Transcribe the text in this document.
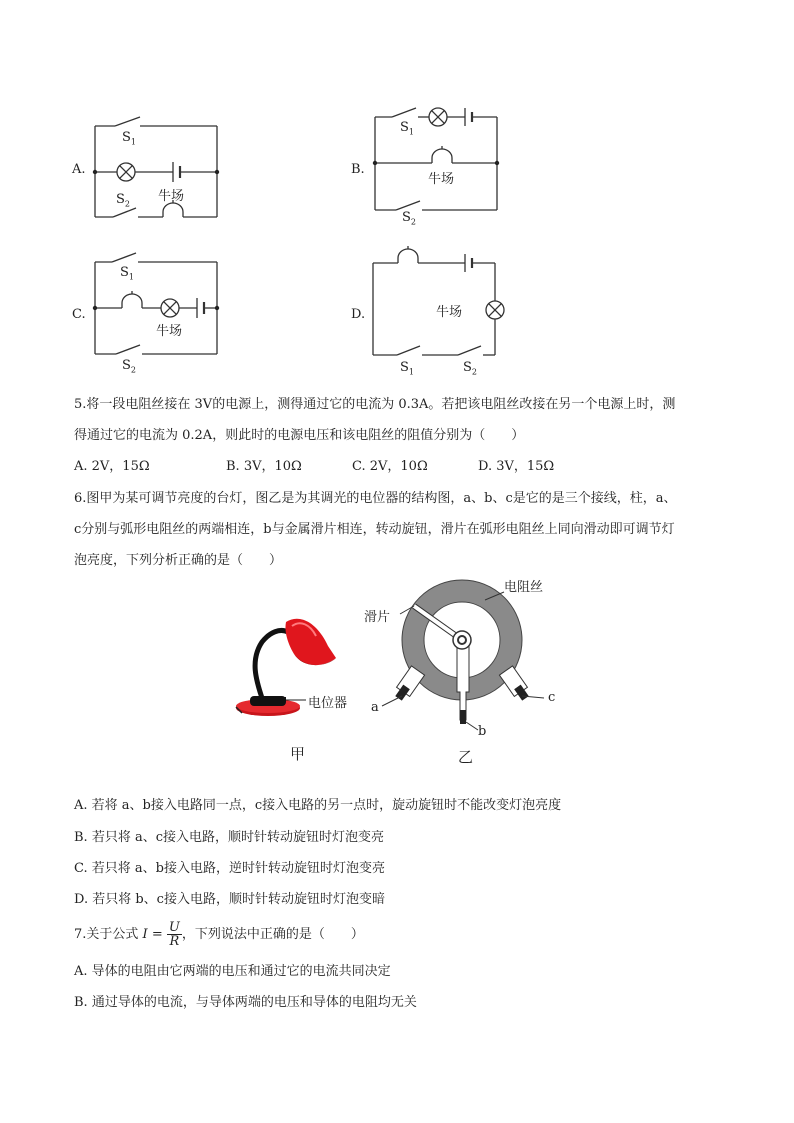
A.
$S_1$
$S_2$
牛场
B.
$S_1$
$S_2$
牛场
C.
$S_1$
$S_2$
牛场
D.
$S_1$	$S_2$
牛场
5.将一段电阻丝接在 3V的电源上，测得通过它的电流为 0.3A。若把该电阻丝改接在另一个电源上时，测
得通过它的电流为 0.2A，则此时的电源电压和该电阻丝的阻值分别为（　　）
A. 2V，15Ω	B. 3V，10Ω	C. 2V，10Ω	D. 3V，15Ω
6.图甲为某可调节亮度的台灯，图乙是为其调光的电位器的结构图，a、b、c是它的是三个接线，柱，a、
c分别与弧形电阻丝的两端相连，b与金属滑片相连，转动旋钮，滑片在弧形电阻丝上同向滑动即可调节灯
泡亮度，下列分析正确的是（　　）
电位器
甲
电阻丝
滑片
a
b
c
乙
A. 若将 a、b接入电路同一点，c接入电路的另一点时，旋动旋钮时不能改变灯泡亮度
B. 若只将 a、c接入电路，顺时针转动旋钮时灯泡变亮
C. 若只将 a、b接入电路，逆时针转动旋钮时灯泡变亮
D. 若只将 b、c接入电路，顺时针转动旋钮时灯泡变暗
7.关于公式 $I = \frac{U}{R}$ ，下列说法中正确的是（　　）
A. 导体的电阻由它两端的电压和通过它的电流共同决定
B. 通过导体的电流，与导体两端的电压和导体的电阻均无关
